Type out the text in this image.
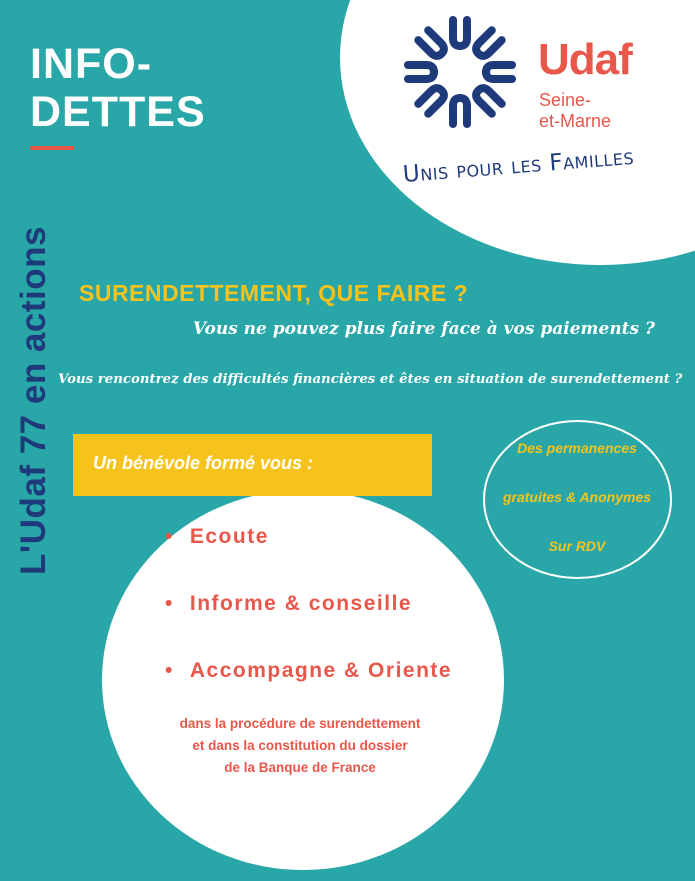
INFO-
DETTES
L'Udaf 77 en actions
Udaf
Seine-
et-Marne
Unis pour les Familles
SURENDETTEMENT, QUE FAIRE ?
Vous ne pouvez plus faire face à vos paiements ?
Vous rencontrez des difficultés financières et êtes en situation de surendettement ?
Un bénévole formé vous :
• Ecoute
• Informe & conseille
• Accompagne & Oriente
dans la procédure de surendettement
et dans la constitution du dossier
de la Banque de France
Des permanences
gratuites & Anonymes
Sur RDV
